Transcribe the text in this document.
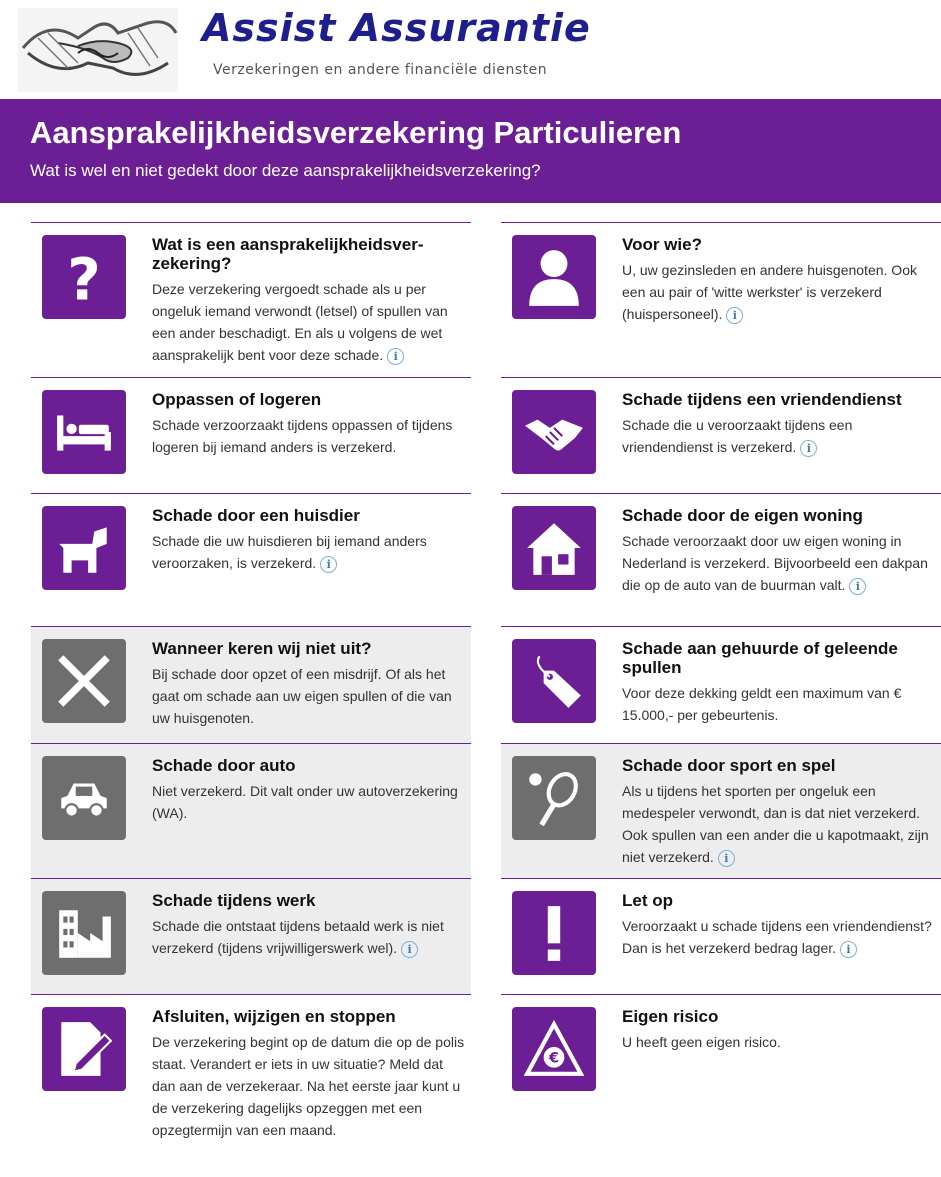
Assist Assurantie
Verzekeringen en andere financiële diensten
Aansprakelijkheidsverzekering Particulieren
Wat is wel en niet gedekt door deze aansprakelijkheidsverzekering?
?
Wat is een aansprakelijkheidsver-zekering?
Deze verzekering vergoedt schade als u per ongeluk iemand verwondt (letsel) of spullen van een ander beschadigt. En als u volgens de wet aansprakelijk bent voor deze schade. i
Voor wie?
U, uw gezinsleden en andere huisgenoten. Ook een au pair of 'witte werkster' is verzekerd (huispersoneel). i
Oppassen of logeren
Schade verzoorzaakt tijdens oppassen of tijdens logeren bij iemand anders is verzekerd.
Schade tijdens een vriendendienst
Schade die u veroorzaakt tijdens een vriendendienst is verzekerd. i
Schade door een huisdier
Schade die uw huisdieren bij iemand anders veroorzaken, is verzekerd. i
Schade door de eigen woning
Schade veroorzaakt door uw eigen woning in Nederland is verzekerd. Bijvoorbeeld een dakpan die op de auto van de buurman valt. i
Wanneer keren wij niet uit?
Bij schade door opzet of een misdrijf. Of als het gaat om schade aan uw eigen spullen of die van uw huisgenoten.
Schade aan gehuurde of geleende spullen
Voor deze dekking geldt een maximum van € 15.000,- per gebeurtenis.
Schade door auto
Niet verzekerd. Dit valt onder uw autoverzekering (WA).
Schade door sport en spel
Als u tijdens het sporten per ongeluk een medespeler verwondt, dan is dat niet verzekerd. Ook spullen van een ander die u kapotmaakt, zijn niet verzekerd. i
Schade tijdens werk
Schade die ontstaat tijdens betaald werk is niet verzekerd (tijdens vrijwilligerswerk wel). i
Let op
Veroorzaakt u schade tijdens een vriendendienst? Dan is het verzekerd bedrag lager. i
Afsluiten, wijzigen en stoppen
De verzekering begint op de datum die op de polis staat. Verandert er iets in uw situatie? Meld dat dan aan de verzekeraar. Na het eerste jaar kunt u de verzekering dagelijks opzeggen met een opzegtermijn van een maand.
€
Eigen risico
U heeft geen eigen risico.
